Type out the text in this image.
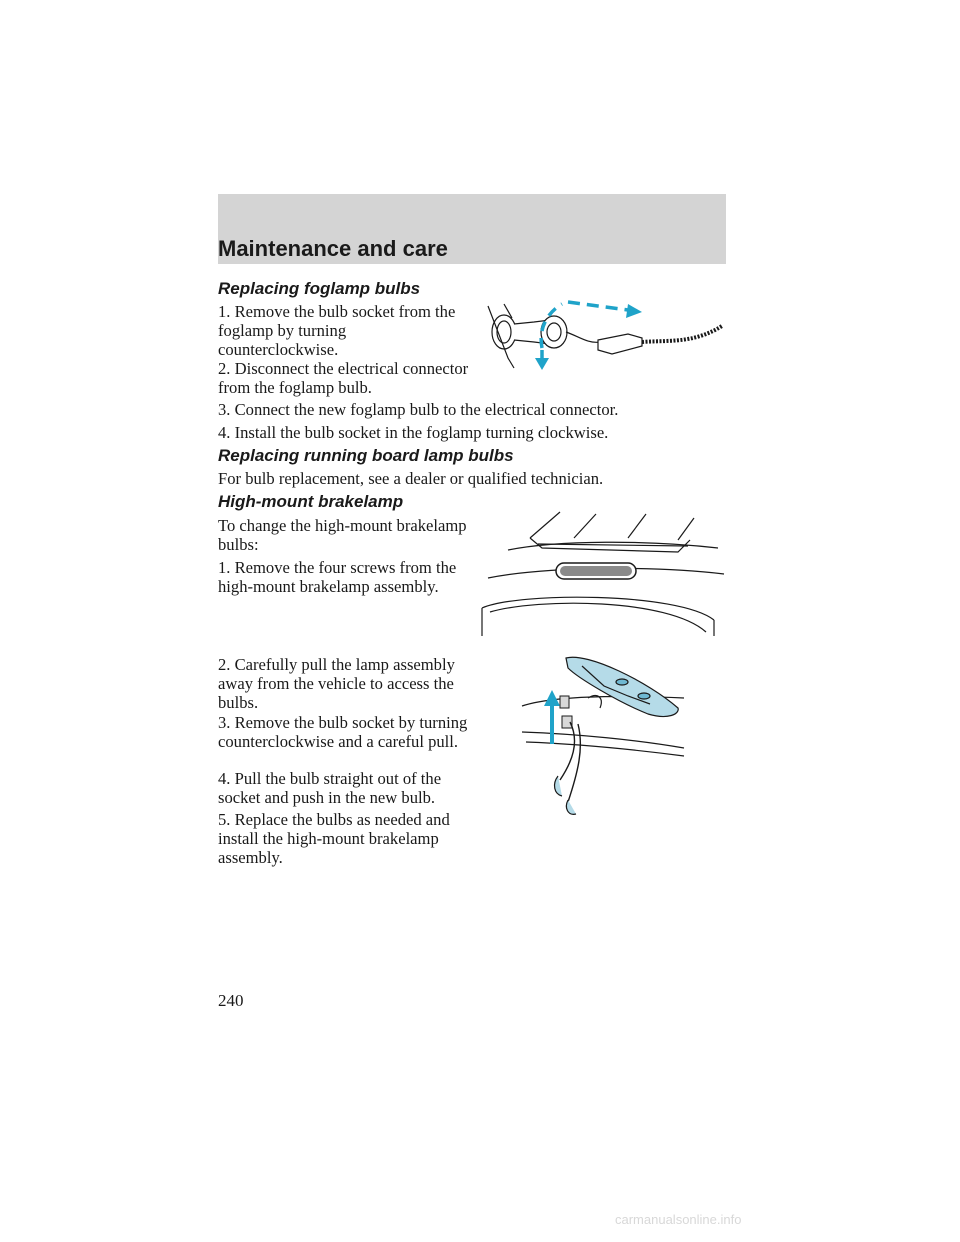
Maintenance and care
Replacing foglamp bulbs

1. Remove the bulb socket from the foglamp by turning counterclockwise.

2. Disconnect the electrical connector from the foglamp bulb.

3. Connect the new foglamp bulb to the electrical connector.

4. Install the bulb socket in the foglamp turning clockwise.

Replacing running board lamp bulbs

For bulb replacement, see a dealer or qualified technician.

High-mount brakelamp

To change the high-mount brakelamp bulbs:

1. Remove the four screws from the high-mount brakelamp assembly.

2. Carefully pull the lamp assembly away from the vehicle to access the bulbs.

3. Remove the bulb socket by turning counterclockwise and a careful pull.

4. Pull the bulb straight out of the socket and push in the new bulb.

5. Replace the bulbs as needed and install the high-mount brakelamp assembly.

240
carmanualsonline.info
